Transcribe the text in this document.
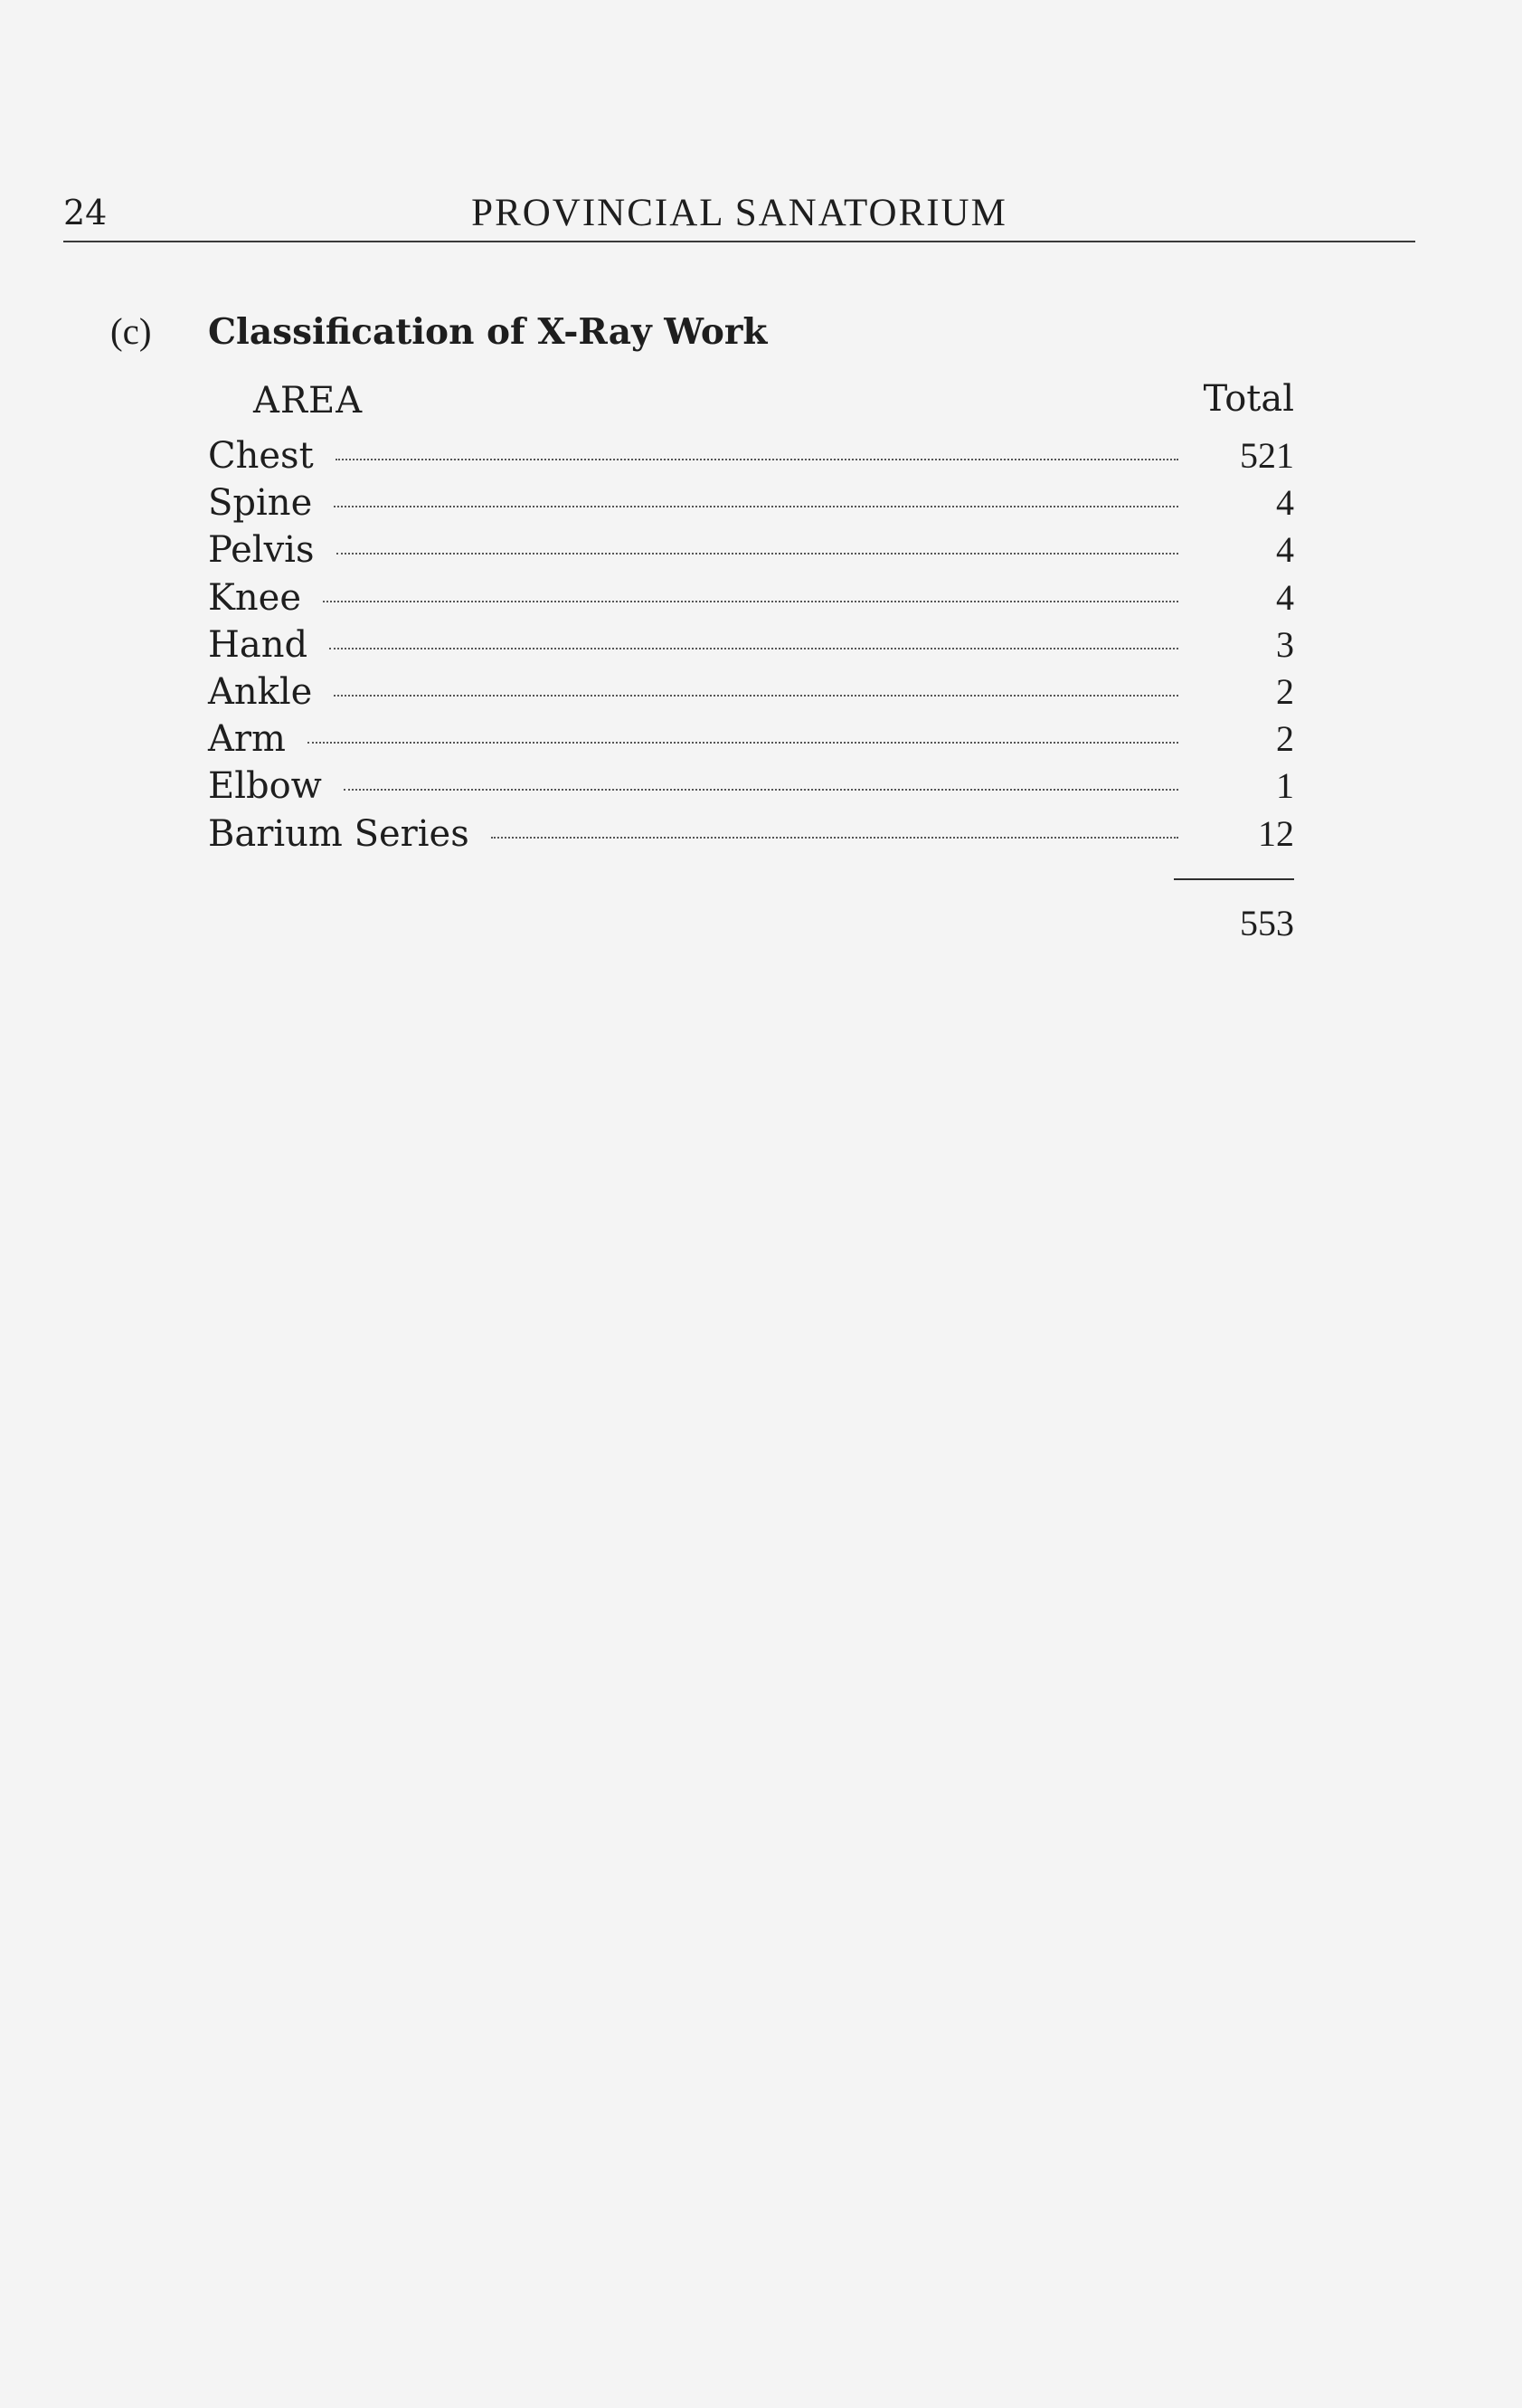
24	PROVINCIAL SANATORIUM
(c) Classification of X-Ray Work
AREA	Total
Chest	521
Spine	4
Pelvis	4
Knee	4
Hand	3
Ankle	2
Arm	2
Elbow	1
Barium Series	12
553
